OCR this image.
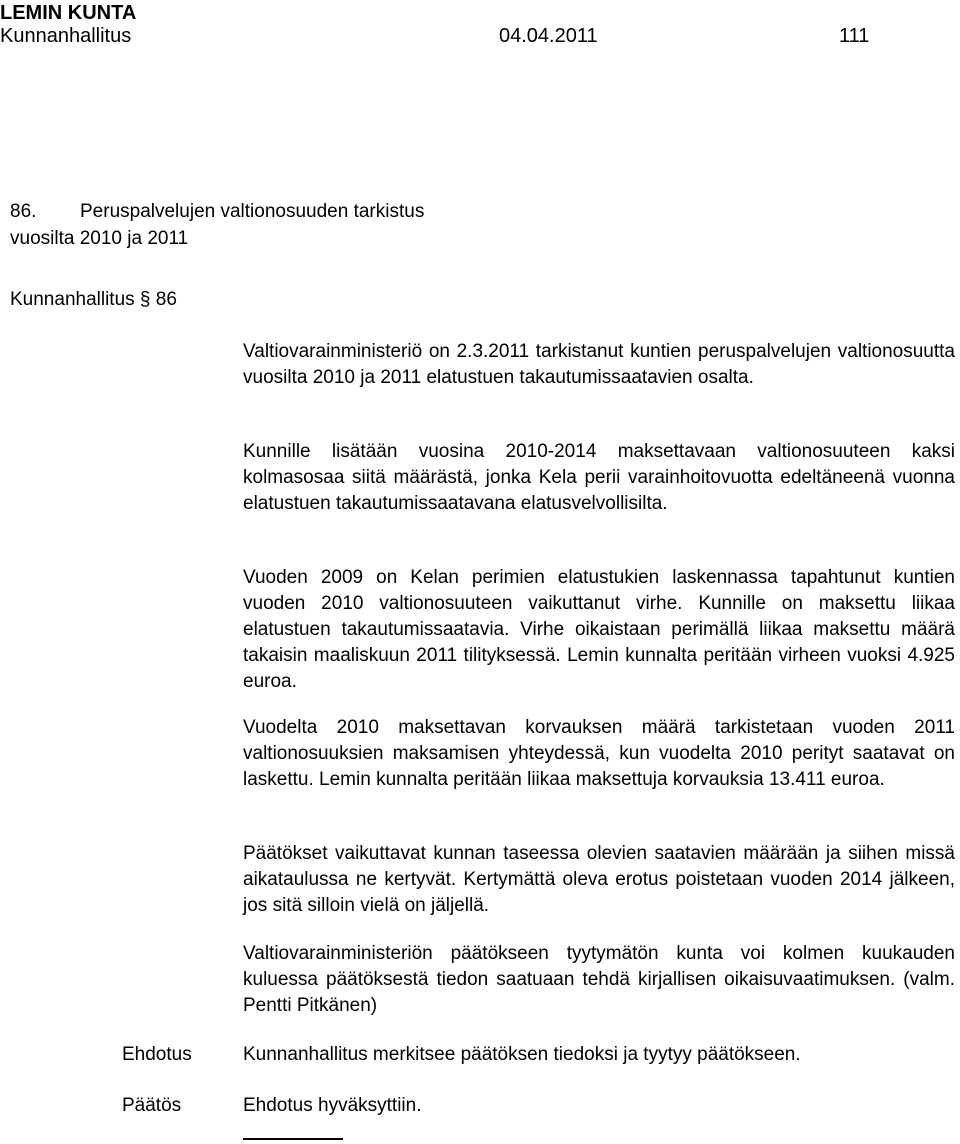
LEMIN KUNTA
Kunnanhallitus	04.04.2011	111
86. Peruspalvelujen valtionosuuden tarkistus
vuosilta 2010 ja 2011
Kunnanhallitus § 86

Valtiovarainministeriö on 2.3.2011 tarkistanut kuntien peruspalvelujen valtionosuutta vuosilta 2010 ja 2011 elatustuen takautumissaatavien osalta.

Kunnille lisätään vuosina 2010-2014 maksettavaan valtionosuuteen kaksi kolmasosaa siitä määrästä, jonka Kela perii varainhoitovuotta edeltäneenä vuonna elatustuen takautumissaatavana elatusvelvollisilta.

Vuoden 2009 on Kelan perimien elatustukien laskennassa tapahtunut kuntien vuoden 2010 valtionosuuteen vaikuttanut virhe. Kunnille on maksettu liikaa elatustuen takautumissaatavia. Virhe oikaistaan perimällä liikaa maksettu määrä takaisin maaliskuun 2011 tilityksessä. Lemin kunnalta peritään virheen vuoksi 4.925 euroa.

Vuodelta 2010 maksettavan korvauksen määrä tarkistetaan vuoden 2011 valtionosuuksien maksamisen yhteydessä, kun vuodelta 2010 perityt saatavat on laskettu. Lemin kunnalta peritään liikaa maksettuja korvauksia 13.411 euroa.

Päätökset vaikuttavat kunnan taseessa olevien saatavien määrään ja siihen missä aikataulussa ne kertyvät. Kertymättä oleva erotus poistetaan vuoden 2014 jälkeen, jos sitä silloin vielä on jäljellä.

Valtiovarainministeriön päätökseen tyytymätön kunta voi kolmen kuukauden kuluessa päätöksestä tiedon saatuaan tehdä kirjallisen oikaisuvaatimuksen. (valm. Pentti Pitkänen)

Ehdotus	Kunnanhallitus merkitsee päätöksen tiedoksi ja tyytyy päätökseen.
Päätös	Ehdotus hyväksyttiin.
